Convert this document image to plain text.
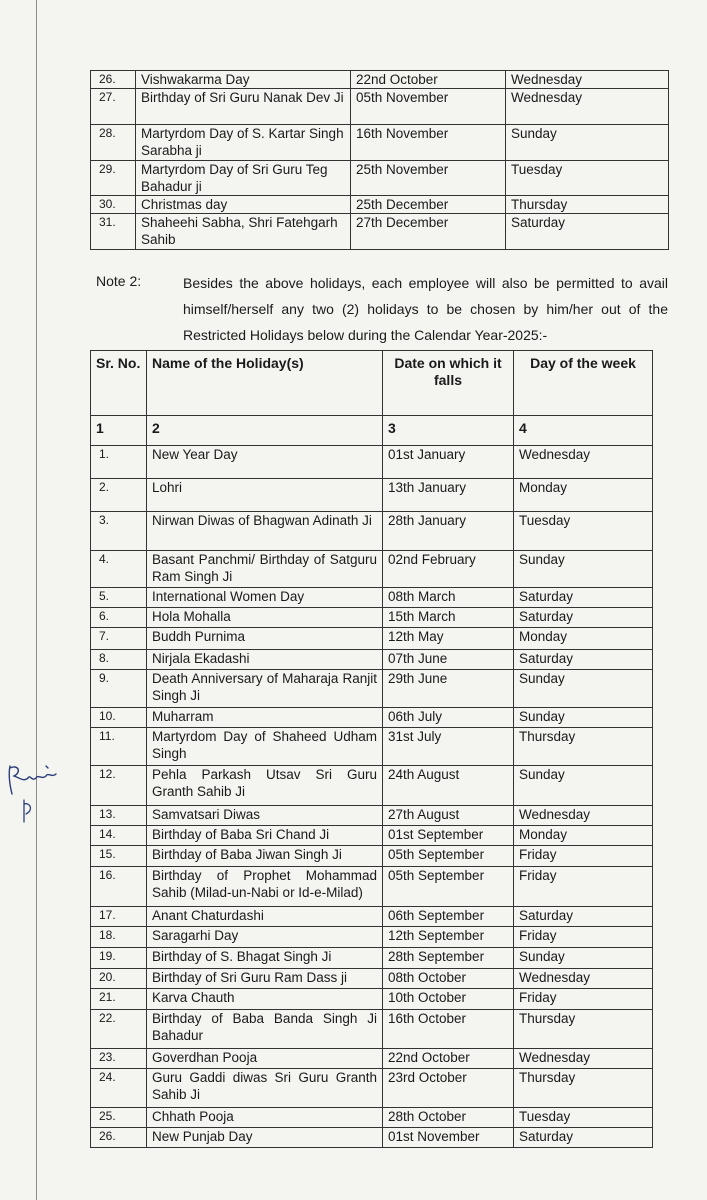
26.	Vishwakarma Day	22nd October	Wednesday
27.	Birthday of Sri Guru Nanak Dev Ji	05th November	Wednesday
28.	Martyrdom Day of S. Kartar Singh Sarabha ji	16th November	Sunday
29.	Martyrdom Day of Sri Guru Teg Bahadur ji	25th November	Tuesday
30.	Christmas day	25th December	Thursday
31.	Shaheehi Sabha, Shri Fatehgarh Sahib	27th December	Saturday
Note 2:	Besides the above holidays, each employee will also be permitted to avail himself/herself any two (2) holidays to be chosen by him/her out of the Restricted Holidays below during the Calendar Year-2025:-
Sr. No.	Name of the Holiday(s)	Date on which it falls	Day of the week
1	2	3	4
1.	New Year Day	01st January	Wednesday
2.	Lohri	13th January	Monday
3.	Nirwan Diwas of Bhagwan Adinath Ji	28th January	Tuesday
4.	Basant Panchmi/ Birthday of Satguru Ram Singh Ji	02nd February	Sunday
5.	International Women Day	08th March	Saturday
6.	Hola Mohalla	15th March	Saturday
7.	Buddh Purnima	12th May	Monday
8.	Nirjala Ekadashi	07th June	Saturday
9.	Death Anniversary of Maharaja Ranjit Singh Ji	29th June	Sunday
10.	Muharram	06th July	Sunday
11.	Martyrdom Day of Shaheed Udham Singh	31st July	Thursday
12.	Pehla Parkash Utsav Sri Guru Granth Sahib Ji	24th August	Sunday
13.	Samvatsari Diwas	27th August	Wednesday
14.	Birthday of Baba Sri Chand Ji	01st September	Monday
15.	Birthday of Baba Jiwan Singh Ji	05th September	Friday
16.	Birthday of Prophet Mohammad Sahib (Milad-un-Nabi or Id-e-Milad)	05th September	Friday
17.	Anant Chaturdashi	06th September	Saturday
18.	Saragarhi Day	12th September	Friday
19.	Birthday of S. Bhagat Singh Ji	28th September	Sunday
20.	Birthday of Sri Guru Ram Dass ji	08th October	Wednesday
21.	Karva Chauth	10th October	Friday
22.	Birthday of Baba Banda Singh Ji Bahadur	16th October	Thursday
23.	Goverdhan Pooja	22nd October	Wednesday
24.	Guru Gaddi diwas Sri Guru Granth Sahib Ji	23rd October	Thursday
25.	Chhath Pooja	28th October	Tuesday
26.	New Punjab Day	01st November	Saturday
